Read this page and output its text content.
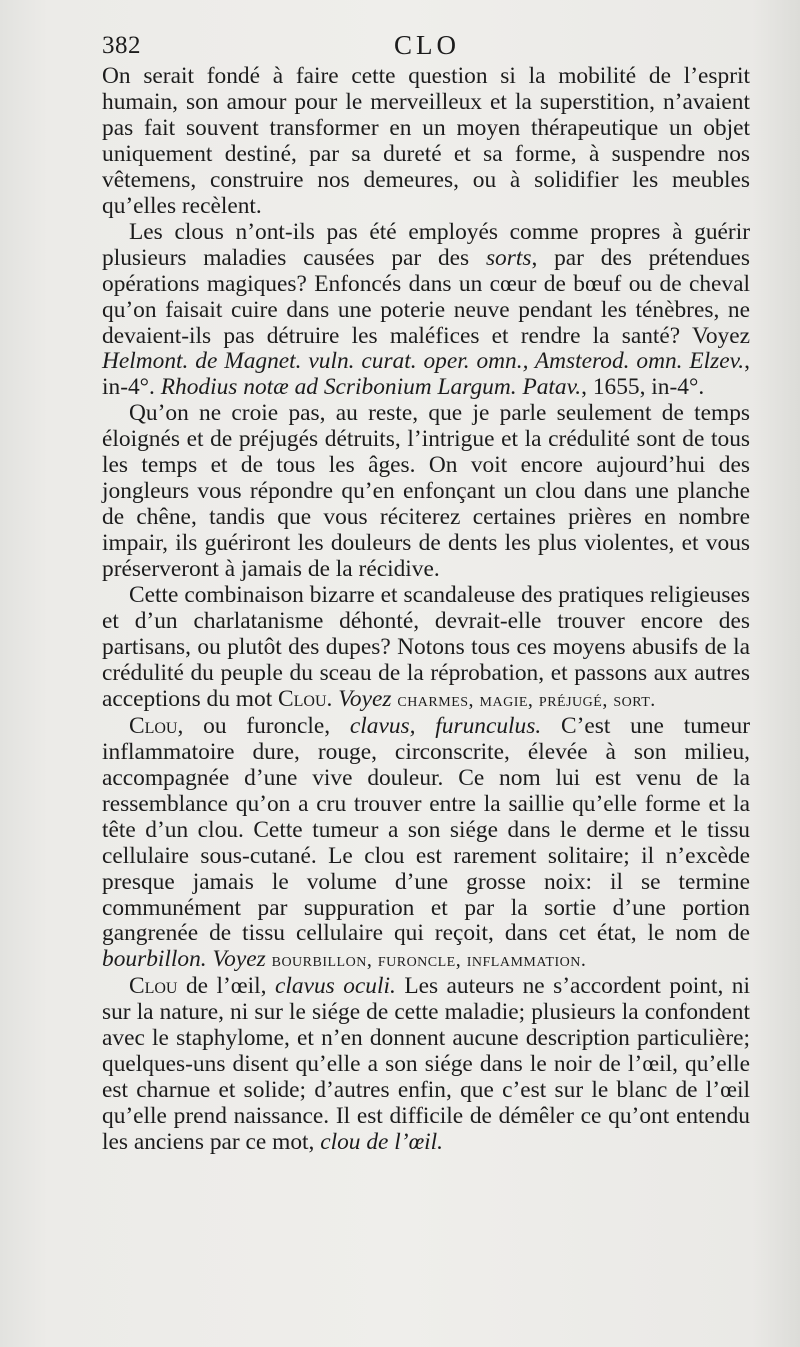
382	CLO

On serait fondé à faire cette question si la mobilité de l’esprit humain, son amour pour le merveilleux et la superstition, n’avaient pas fait souvent transformer en un moyen thérapeutique un objet uniquement destiné, par sa dureté et sa forme, à suspendre nos vêtemens, construire nos demeures, ou à solidifier les meubles qu’elles recèlent.

Les clous n’ont-ils pas été employés comme propres à guérir plusieurs maladies causées par des sorts, par des prétendues opérations magiques? Enfoncés dans un cœur de bœuf ou de cheval qu’on faisait cuire dans une poterie neuve pendant les ténèbres, ne devaient-ils pas détruire les maléfices et rendre la santé? Voyez Helmont. de Magnet. vuln. curat. oper. omn., Amsterod. omn. Elzev., in-4°. Rhodius notæ ad Scribonium Largum. Patav., 1655, in-4°.

Qu’on ne croie pas, au reste, que je parle seulement de temps éloignés et de préjugés détruits, l’intrigue et la crédulité sont de tous les temps et de tous les âges. On voit encore aujourd’hui des jongleurs vous répondre qu’en enfonçant un clou dans une planche de chêne, tandis que vous réciterez certaines prières en nombre impair, ils guériront les douleurs de dents les plus violentes, et vous préserveront à jamais de la récidive.

Cette combinaison bizarre et scandaleuse des pratiques religieuses et d’un charlatanisme déhonté, devrait-elle trouver encore des partisans, ou plutôt des dupes? Notons tous ces moyens abusifs de la crédulité du peuple du sceau de la réprobation, et passons aux autres acceptions du mot Clou. Voyez charmes, magie, préjugé, sort.

Clou, ou furoncle, clavus, furunculus. C’est une tumeur inflammatoire dure, rouge, circonscrite, élevée à son milieu, accompagnée d’une vive douleur. Ce nom lui est venu de la ressemblance qu’on a cru trouver entre la saillie qu’elle forme et la tête d’un clou. Cette tumeur a son siége dans le derme et le tissu cellulaire sous-cutané. Le clou est rarement solitaire; il n’excède presque jamais le volume d’une grosse noix: il se termine communément par suppuration et par la sortie d’une portion gangrenée de tissu cellulaire qui reçoit, dans cet état, le nom de bourbillon. Voyez bourbillon, furoncle, inflammation.

Clou de l’œil, clavus oculi. Les auteurs ne s’accordent point, ni sur la nature, ni sur le siége de cette maladie; plusieurs la confondent avec le staphylome, et n’en donnent aucune description particulière; quelques-uns disent qu’elle a son siége dans le noir de l’œil, qu’elle est charnue et solide; d’autres enfin, que c’est sur le blanc de l’œil qu’elle prend naissance. Il est difficile de démêler ce qu’ont entendu les anciens par ce mot, clou de l’œil.
